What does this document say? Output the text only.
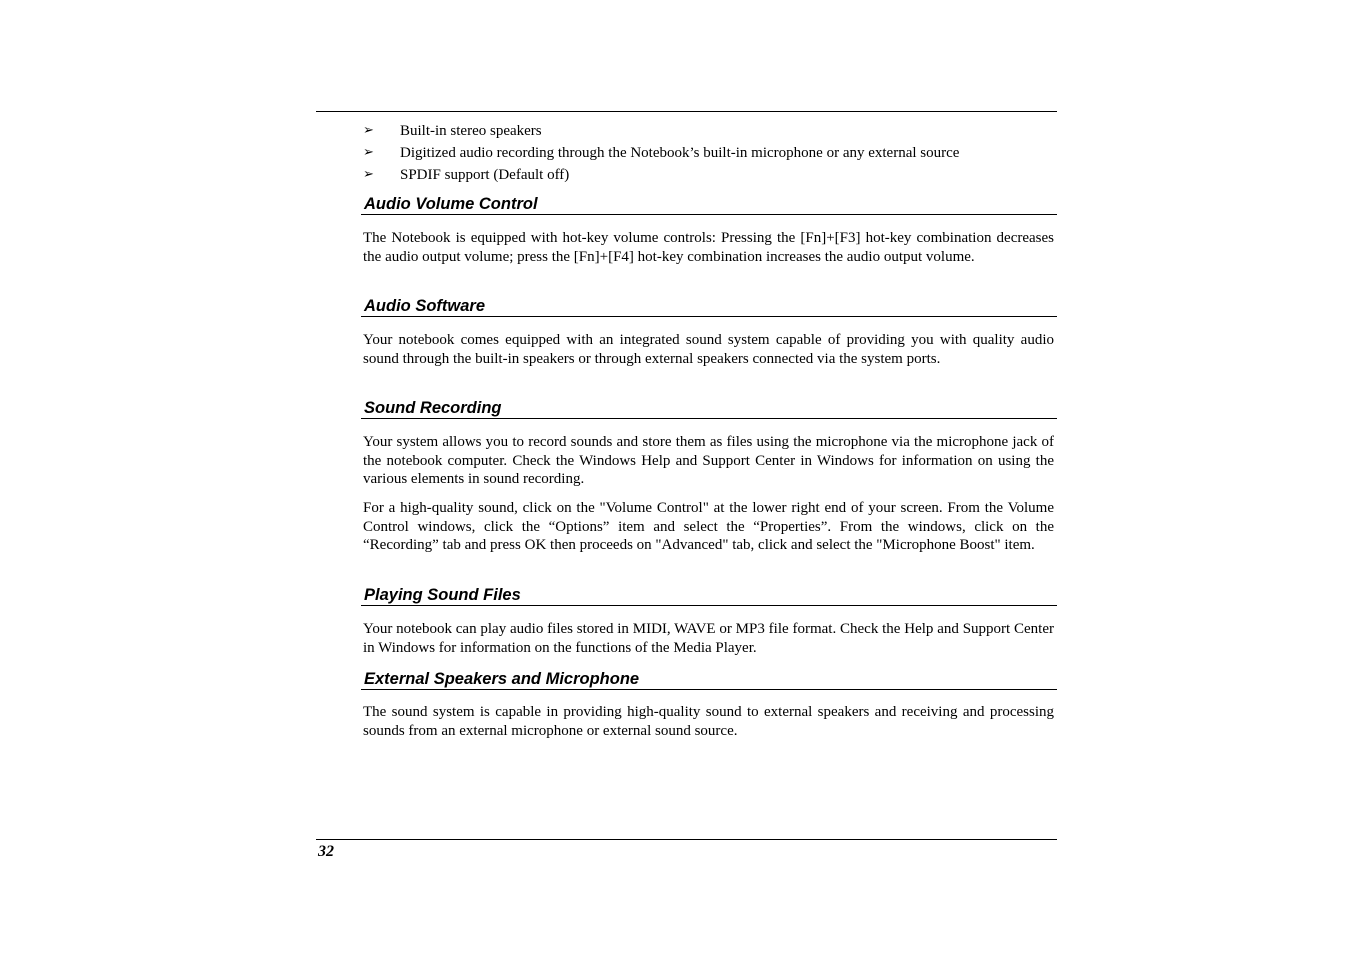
➢ Built-in stereo speakers
➢ Digitized audio recording through the Notebook’s built-in microphone or any external source
➢ SPDIF support (Default off)
Audio Volume Control

The Notebook is equipped with hot-key volume controls: Pressing the [Fn]+[F3] hot-key combination decreases the audio output volume; press the [Fn]+[F4] hot-key combination increases the audio output volume.

Audio Software

Your notebook comes equipped with an integrated sound system capable of providing you with quality audio sound through the built-in speakers or through external speakers connected via the system ports.

Sound Recording

Your system allows you to record sounds and store them as files using the microphone via the microphone jack of the notebook computer. Check the Windows Help and Support Center in Windows for information on using the various elements in sound recording.

For a high-quality sound, click on the "Volume Control" at the lower right end of your screen. From the Volume Control windows, click the “Options” item and select the “Properties”. From the windows, click on the “Recording” tab and press OK then proceeds on "Advanced" tab, click and select the "Microphone Boost" item.

Playing Sound Files

Your notebook can play audio files stored in MIDI, WAVE or MP3 file format. Check the Help and Support Center in Windows for information on the functions of the Media Player.

External Speakers and Microphone

The sound system is capable in providing high-quality sound to external speakers and receiving and processing sounds from an external microphone or external sound source.

32
